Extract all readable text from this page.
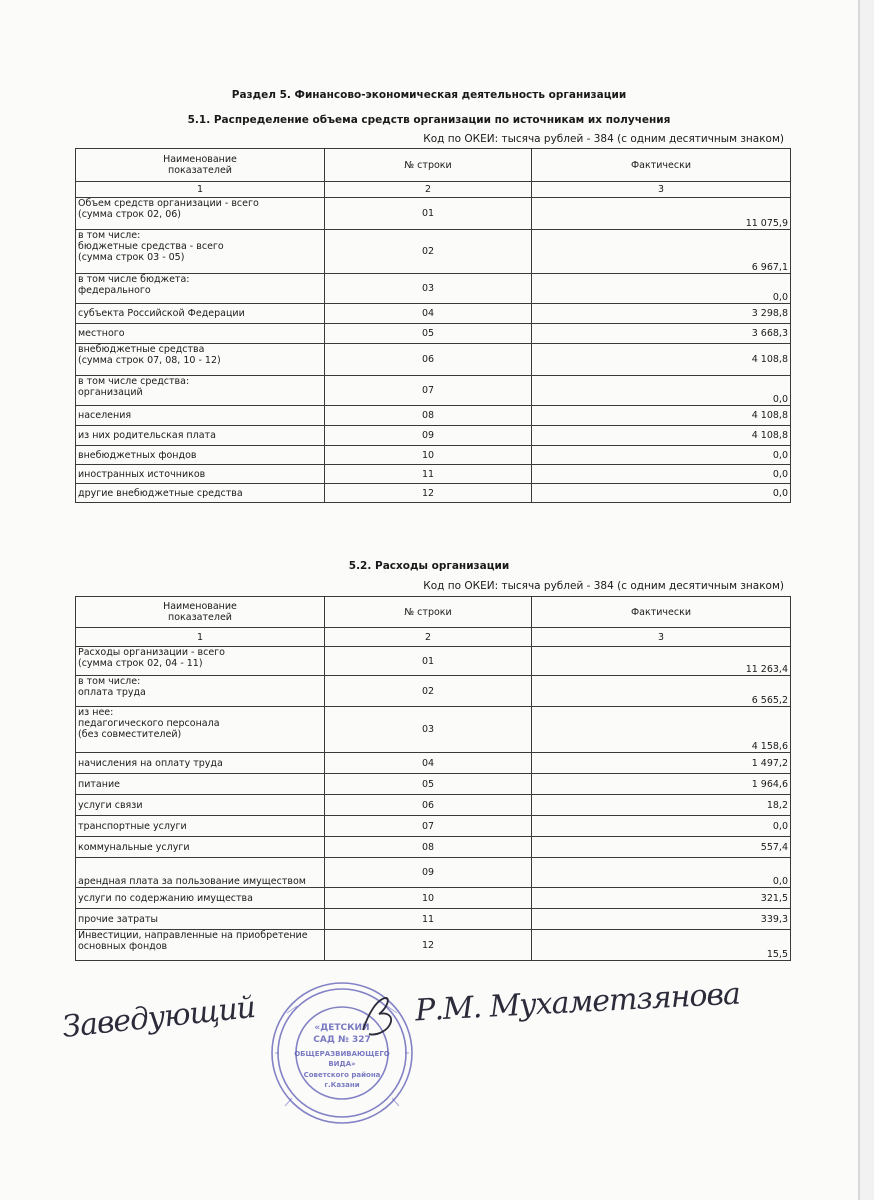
Раздел 5. Финансово-экономическая деятельность организации
5.1. Распределение объема средств организации по источникам их получения
Код по ОКЕИ: тысяча рублей - 384 (с одним десятичным знаком)
Наименование
показателей	№ строки	Фактически
1	2	3
Объем средств организации - всего
(сумма строк 02, 06)	01	11 075,9
в том числе:
бюджетные средства - всего
(сумма строк 03 - 05)	02	6 967,1
в том числе бюджета:
федерального	03	0,0
субъекта Российской Федерации	04	3 298,8
местного	05	3 668,3
внебюджетные средства
(сумма строк 07, 08, 10 - 12)	06	4 108,8
в том числе средства:
организаций	07	0,0
населения	08	4 108,8
из них родительская плата	09	4 108,8
внебюджетных фондов	10	0,0
иностранных источников	11	0,0
другие внебюджетные средства	12	0,0
5.2. Расходы организации
Код по ОКЕИ: тысяча рублей - 384 (с одним десятичным знаком)
Наименование
показателей	№ строки	Фактически
1	2	3
Расходы организации - всего
(сумма строк 02, 04 - 11)	01	11 263,4
в том числе:
оплата труда	02	6 565,2
из нее:
педагогического персонала
(без совместителей)	03	4 158,6
начисления на оплату труда	04	1 497,2
питание	05	1 964,6
услуги связи	06	18,2
транспортные услуги	07	0,0
коммунальные услуги	08	557,4
арендная плата за пользование имуществом	09	0,0
услуги по содержанию имущества	10	321,5
прочие затраты	11	339,3
Инвестиции, направленные на приобретение
основных фондов	12	15,5
Заведующий	«ДЕТСКИЙ
САД № 327
ОБЩЕРАЗВИВАЮЩЕГО
ВИДА»
Советского района
г.Казани
Р.М. Мухаметзянова
